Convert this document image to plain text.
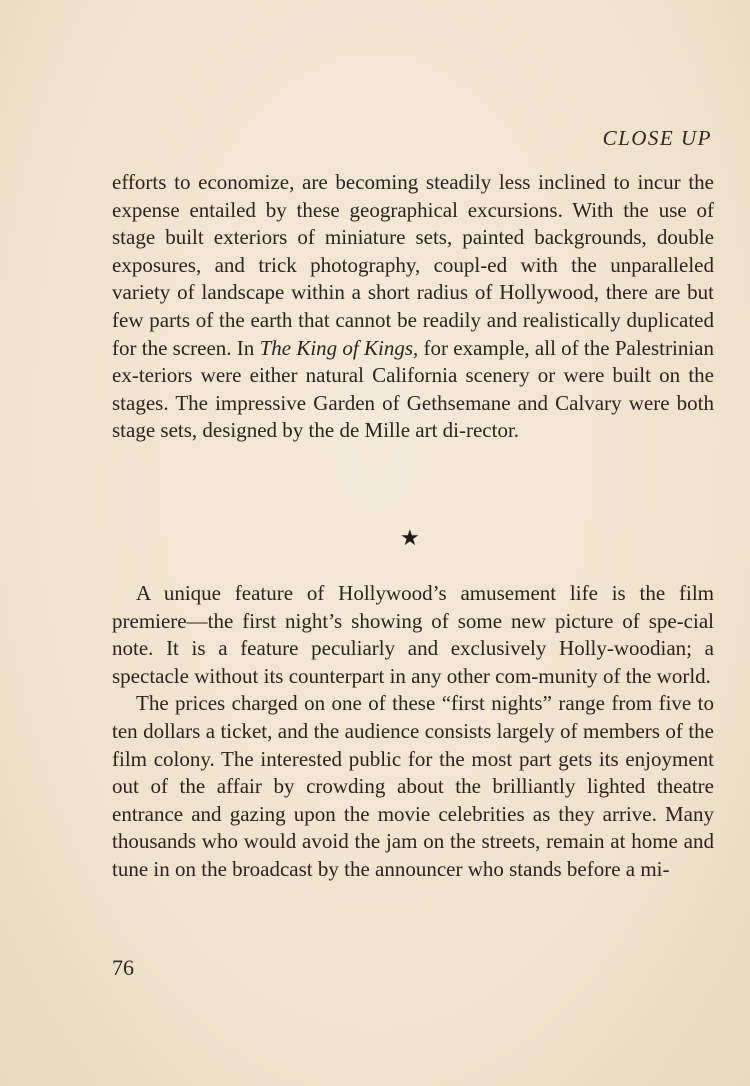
CLOSE UP

efforts to economize, are becoming steadily less inclined to incur the expense entailed by these geographical excursions. With the use of stage built exteriors of miniature sets, painted backgrounds, double exposures, and trick photography, coupl-ed with the unparalleled variety of landscape within a short radius of Hollywood, there are but few parts of the earth that cannot be readily and realistically duplicated for the screen. In The King of Kings, for example, all of the Palestrinian ex-teriors were either natural California scenery or were built on the stages. The impressive Garden of Gethsemane and Calvary were both stage sets, designed by the de Mille art di-rector.

★

A unique feature of Hollywood’s amusement life is the film premiere—the first night’s showing of some new picture of spe-cial note. It is a feature peculiarly and exclusively Holly-woodian; a spectacle without its counterpart in any other com-munity of the world.

The prices charged on one of these “first nights” range from five to ten dollars a ticket, and the audience consists largely of members of the film colony. The interested public for the most part gets its enjoyment out of the affair by crowding about the brilliantly lighted theatre entrance and gazing upon the movie celebrities as they arrive. Many thousands who would avoid the jam on the streets, remain at home and tune in on the broadcast by the announcer who stands before a mi-

76
